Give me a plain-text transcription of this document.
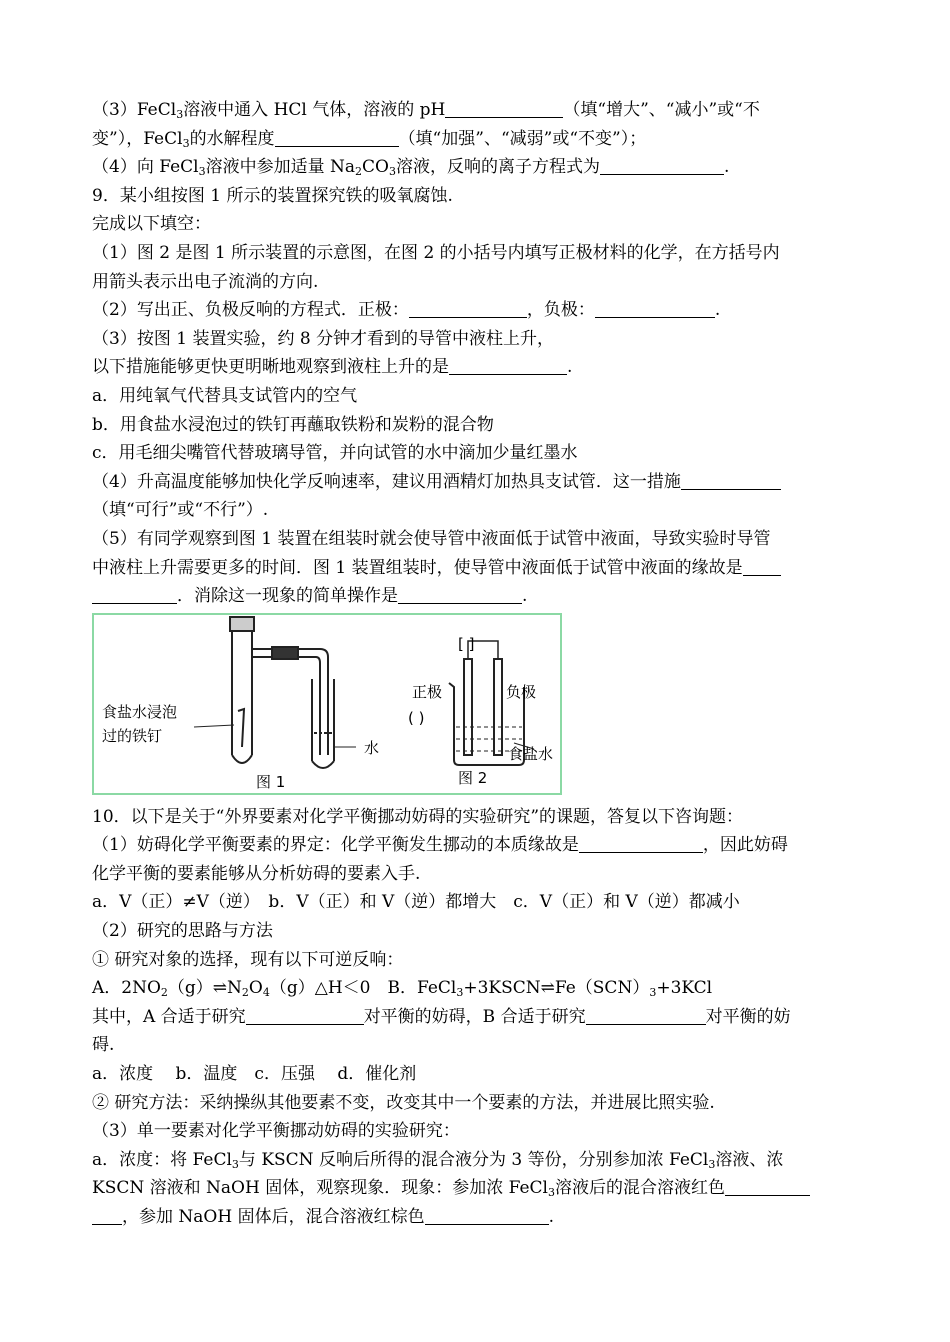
（3）FeCl$_3$溶液中通入 HCl 气体，溶液的 pH	（填“增大”、“减小”或“不
变”），FeCl$_3$的水解程度	（填“加强”、“减弱”或“不变”）；
（4）向 FeCl$_3$溶液中参加适量 $Na_2CO_3$溶液，反响的离子方程式为	.
9．某小组按图 1 所示的装置探究铁的吸氧腐蚀.
完成以下填空：
（1）图 2 是图 1 所示装置的示意图，在图 2 的小括号内填写正极材料的化学，在方括号内
用箭头表示出电子流淌的方向.
（2）写出正、负极反响的方程式．正极：	，负极：	.
（3）按图 1 装置实验，约 8 分钟才看到的导管中液柱上升，
以下措施能够更快更明晰地观察到液柱上升的是	.
a．用纯氧气代替具支试管内的空气
b．用食盐水浸泡过的铁钉再蘸取铁粉和炭粉的混合物
c．用毛细尖嘴管代替玻璃导管，并向试管的水中滴加少量红墨水
（4）升高温度能够加快化学反响速率，建议用酒精灯加热具支试管．这一措施
（填“可行”或“不行”）.
（5）有同学观察到图 1 装置在组装时就会使导管中液面低于试管中液面，导致实验时导管
中液柱上升需要更多的时间．图 1 装置组装时，使导管中液面低于试管中液面的缘故是
．消除这一现象的简单操作是	.
食盐水浸泡
过的铁钉
水
图 1
[ ]
正极	负极
( )
食盐水
图 2
10．以下是关于“外界要素对化学平衡挪动妨碍的实验研究”的课题，答复以下咨询题：
（1）妨碍化学平衡要素的界定：化学平衡发生挪动的本质缘故是	，因此妨碍
化学平衡的要素能够从分析妨碍的要素入手.
a．V（正）≠V（逆）　b．V（正）和 V（逆）都增大　c．V（正）和 V（逆）都减小
（2）研究的思路与方法
① 研究对象的选择，现有以下可逆反响：
A．$2NO_2(g)\rightleftharpoons N_2O_4(g)\triangle H<0$　B．$FeCl_3+3KSCN\rightleftharpoons Fe(SCN)_3+3KCl$
其中，A 合适于研究	对平衡的妨碍，B 合适于研究	对平衡的妨
碍.
a．浓度　 b．温度　c．压强　 d．催化剂
② 研究方法：采纳操纵其他要素不变，改变其中一个要素的方法，并进展比照实验.
（3）单一要素对化学平衡挪动妨碍的实验研究：
a．浓度：将 FeCl$_3$与 KSCN 反响后所得的混合液分为 3 等份，分别参加浓 FeCl$_3$溶液、浓
KSCN 溶液和 NaOH 固体，观察现象．现象：参加浓 FeCl$_3$溶液后的混合溶液红色
，参加 NaOH 固体后，混合溶液红棕色	.
